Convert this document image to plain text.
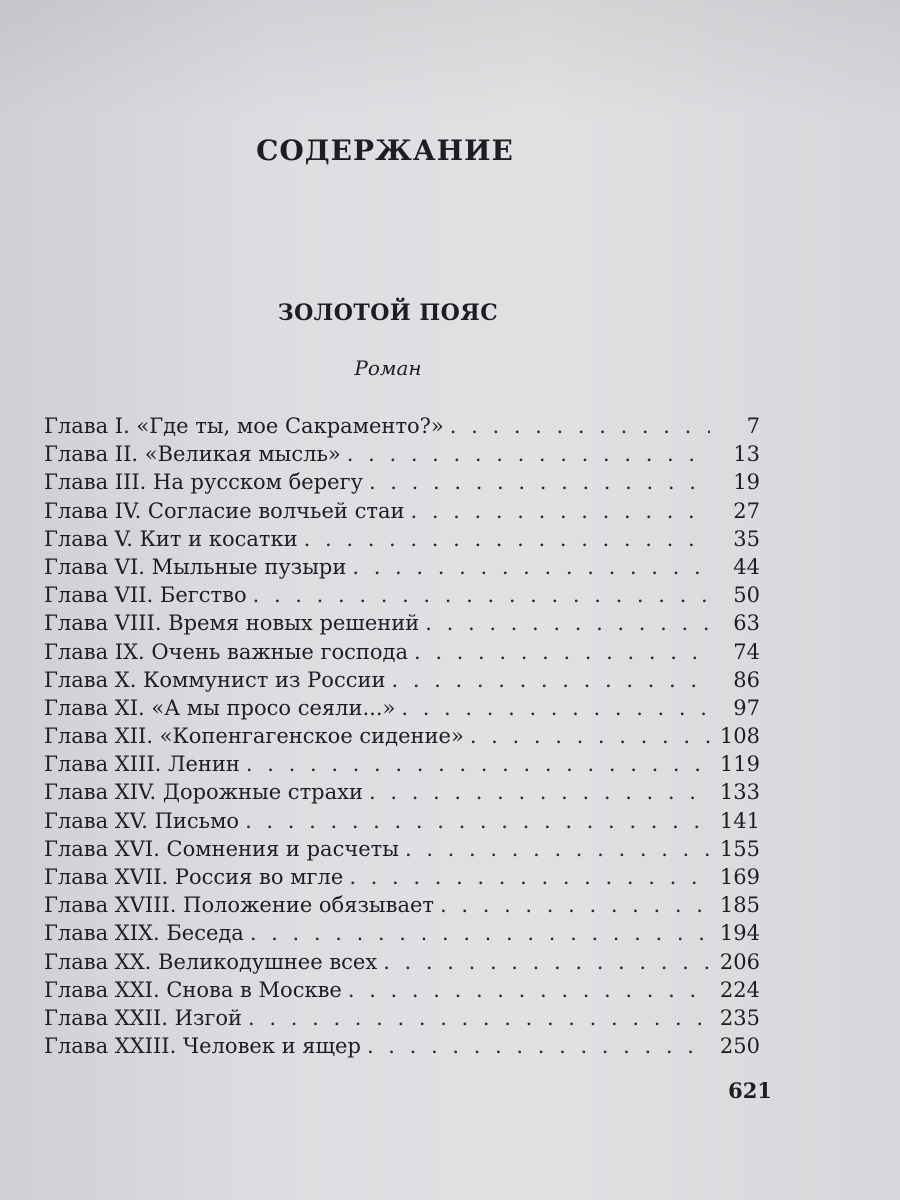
СОДЕРЖАНИЕ
ЗОЛОТОЙ ПОЯС

Роман

Глава I. «Где ты, мое Сакраменто?» . . .	7
Глава II. «Великая мысль» . . .	13
Глава III. На русском берегу . . .	19
Глава IV. Согласие волчьей стаи . . .	27
Глава V. Кит и косатки . . .	35
Глава VI. Мыльные пузыри . . .	44
Глава VII. Бегство . . .	50
Глава VIII. Время новых решений . . .	63
Глава IX. Очень важные господа . . .	74
Глава X. Коммунист из России . . .	86
Глава XI. «А мы просо сеяли...» . . .	97
Глава XII. «Копенгагенское сидение» . . .	108
Глава XIII. Ленин . . .	119
Глава XIV. Дорожные страхи . . .	133
Глава XV. Письмо . . .	141
Глава XVI. Сомнения и расчеты . . .	155
Глава XVII. Россия во мгле . . .	169
Глава XVIII. Положение обязывает . . .	185
Глава XIX. Беседа . . .	194
Глава XX. Великодушнее всех . . .	206
Глава XXI. Снова в Москве . . .	224
Глава XXII. Изгой . . .	235
Глава XXIII. Человек и ящер . . .	250

621
